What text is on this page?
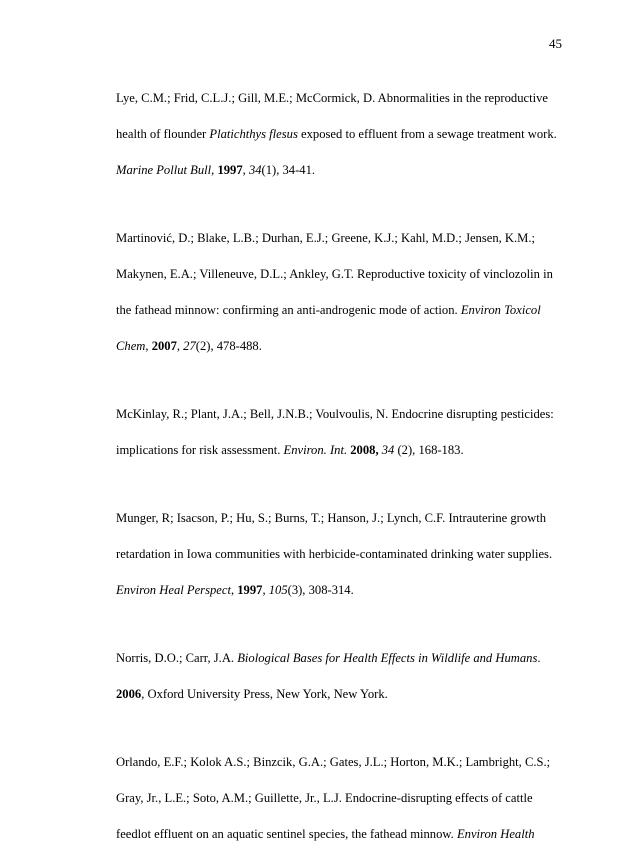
45
Lye, C.M.; Frid, C.L.J.; Gill, M.E.; McCormick, D. Abnormalities in the reproductive
health of flounder Platichthys flesus exposed to effluent from a sewage treatment work.
Marine Pollut Bull, 1997, 34(1), 34-41.
Martinović, D.; Blake, L.B.; Durhan, E.J.; Greene, K.J.; Kahl, M.D.; Jensen, K.M.;
Makynen, E.A.; Villeneuve, D.L.; Ankley, G.T. Reproductive toxicity of vinclozolin in
the fathead minnow: confirming an anti-androgenic mode of action. Environ Toxicol
Chem, 2007, 27(2), 478-488.
McKinlay, R.; Plant, J.A.; Bell, J.N.B.; Voulvoulis, N. Endocrine disrupting pesticides:
implications for risk assessment. Environ. Int. 2008, 34 (2), 168-183.
Munger, R; Isacson, P.; Hu, S.; Burns, T.; Hanson, J.; Lynch, C.F. Intrauterine growth
retardation in Iowa communities with herbicide-contaminated drinking water supplies.
Environ Heal Perspect, 1997, 105(3), 308-314.
Norris, D.O.; Carr, J.A. Biological Bases for Health Effects in Wildlife and Humans.
2006, Oxford University Press, New York, New York.
Orlando, E.F.; Kolok A.S.; Binzcik, G.A.; Gates, J.L.; Horton, M.K.; Lambright, C.S.;
Gray, Jr., L.E.; Soto, A.M.; Guillette, Jr., L.J. Endocrine-disrupting effects of cattle
feedlot effluent on an aquatic sentinel species, the fathead minnow. Environ Health
